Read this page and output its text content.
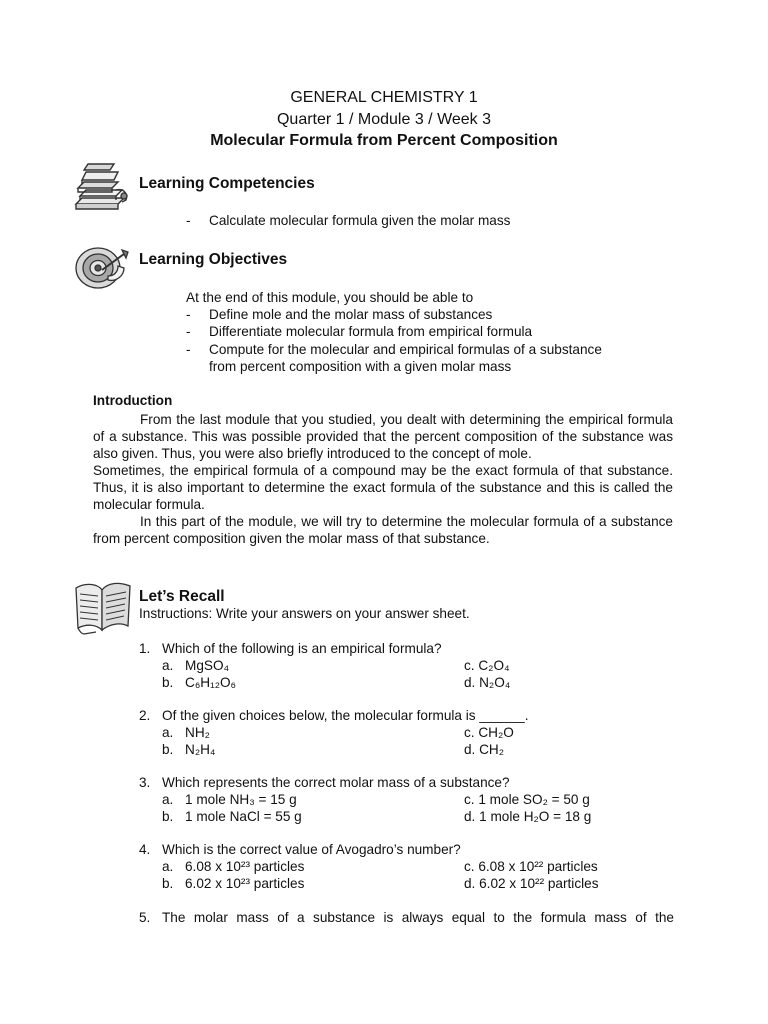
GENERAL CHEMISTRY 1
Quarter 1 / Module 3 / Week 3
Molecular Formula from Percent Composition
Learning Competencies
- Calculate molecular formula given the molar mass
Learning Objectives
At the end of this module, you should be able to
- Define mole and the molar mass of substances
- Differentiate molecular formula from empirical formula
- Compute for the molecular and empirical formulas of a substance
from percent composition with a given molar mass
Introduction

From the last module that you studied, you dealt with determining the empirical formula of a substance. This was possible provided that the percent composition of the substance was also given. Thus, you were also briefly introduced to the concept of mole.

Sometimes, the empirical formula of a compound may be the exact formula of that substance. Thus, it is also important to determine the exact formula of the substance and this is called the molecular formula.

In this part of the module, we will try to determine the molecular formula of a substance from percent composition given the molar mass of that substance.

Let’s Recall
Instructions: Write your answers on your answer sheet.
1. Which of the following is an empirical formula?
a. MgSO₄	c. C₂O₄
b. C₆H₁₂O₆	d. N₂O₄
2. Of the given choices below, the molecular formula is ______.
a. NH₂	c. CH₂O
b. N₂H₄	d. CH₂
3. Which represents the correct molar mass of a substance?
a. 1 mole NH₃ = 15 g	c. 1 mole SO₂ = 50 g
b. 1 mole NaCl = 55 g	d. 1 mole H₂O = 18 g
4. Which is the correct value of Avogadro’s number?
a. 6.08 x 10²³ particles	c. 6.08 x 10²² particles
b. 6.02 x 10²³ particles	d. 6.02 x 10²² particles
5. The molar mass of a substance is always equal to the formula mass of the
